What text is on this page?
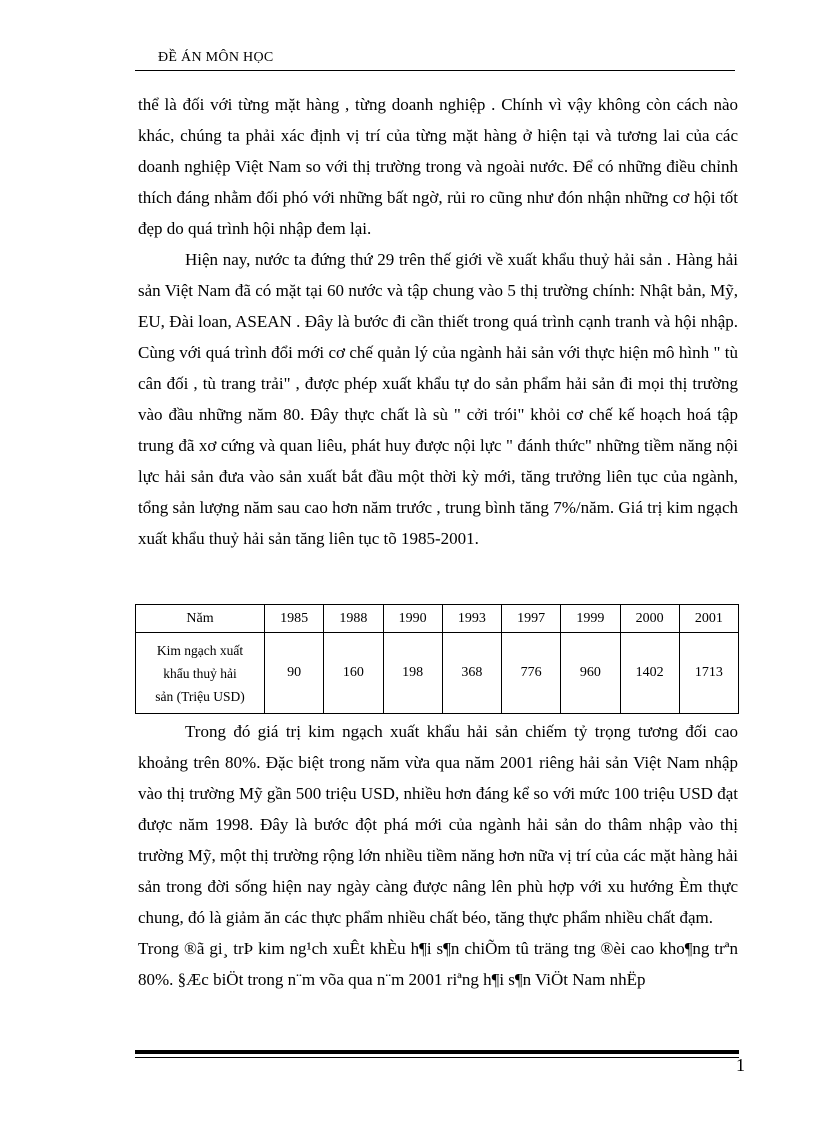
ĐỀ ÁN MÔN HỌC

thể là đối với từng mặt hàng , từng doanh nghiệp . Chính vì vậy không còn cách nào khác, chúng ta phải xác định vị trí của từng mặt hàng ở hiện tại và tương lai của các doanh nghiệp Việt Nam so với thị trường trong và ngoài nước. Để có những điều chỉnh thích đáng nhằm đối phó với những bất ngờ, rủi ro cũng như đón nhận những cơ hội tốt đẹp do quá trình hội nhập đem lại.

Hiện nay, nước ta đứng thứ 29 trên thế giới về xuất khẩu thuỷ hải sản . Hàng hải sản Việt Nam đã có mặt tại 60 nước và tập chung vào 5 thị trường chính: Nhật bản, Mỹ, EU, Đài loan, ASEAN . Đây là bước đi cần thiết trong quá trình cạnh tranh và hội nhập. Cùng với quá trình đổi mới cơ chế quản lý của ngành hải sản với thực hiện mô hình " tù cân đối , tù trang trải" , được phép xuất khẩu tự do sản phẩm hải sản đi mọi thị trường vào đầu những năm 80. Đây thực chất là sù " cởi trói" khỏi cơ chế kế hoạch hoá tập trung đã xơ cứng và quan liêu, phát huy được nội lực " đánh thức" những tiềm năng nội lực hải sản đưa vào sản xuất bắt đầu một thời kỳ mới, tăng trưởng liên tục của ngành, tổng sản lượng năm sau cao hơn năm trước , trung bình tăng 7%/năm. Giá trị kim ngạch xuất khẩu thuỷ hải sản tăng liên tục tõ 1985-2001.

Năm	1985	1988	1990	1993	1997	1999	2000	2001

Kim ngạch xuất
khẩu thuỷ hải
sản (Triệu USD)	90	160	198	368	776	960	1402	1713

Trong đó giá trị kim ngạch xuất khẩu hải sản chiếm tỷ trọng tương đối cao khoảng trên 80%. Đặc biệt trong năm vừa qua năm 2001 riêng hải sản Việt Nam nhập vào thị trường Mỹ gần 500 triệu USD, nhiều hơn đáng kể so với mức 100 triệu USD đạt được năm 1998. Đây là bước đột phá mới của ngành hải sản do thâm nhập vào thị trường Mỹ, một thị trường rộng lớn nhiều tiềm năng hơn nữa vị trí của các mặt hàng hải sản trong đời sống hiện nay ngày càng được nâng lên phù hợp với xu hướng Èm thực chung, đó là giảm ăn các thực phẩm nhiều chất béo, tăng thực phẩm nhiều chất đạm.

Trong ®ã gi¸ trÞ kim ng¹ch xuÊt khÈu h¶i s¶n chiÕm tû träng tng ®èi cao kho¶ng trªn 80%. §Æc biÖt trong n¨m võa qua n¨m 2001 riªng h¶i s¶n ViÖt Nam nhËp

1
